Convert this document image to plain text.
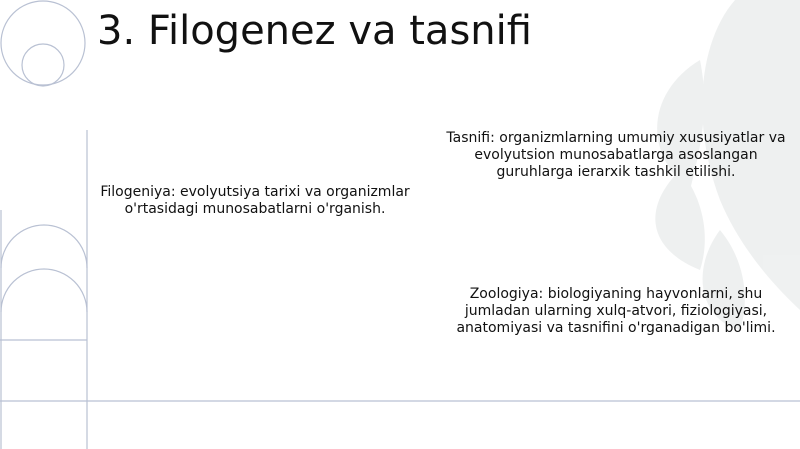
3. Filogenez va tasnifi

Tasnifi: organizmlarning umumiy xususiyatlar va evolyutsion munosabatlarga asoslangan guruhlarga ierarxik tashkil etilishi.

Filogeniya: evolyutsiya tarixi va organizmlar o'rtasidagi munosabatlarni o'rganish.

Zoologiya: biologiyaning hayvonlarni, shu jumladan ularning xulq-atvori, fiziologiyasi, anatomiyasi va tasnifini o'rganadigan bo'limi.
